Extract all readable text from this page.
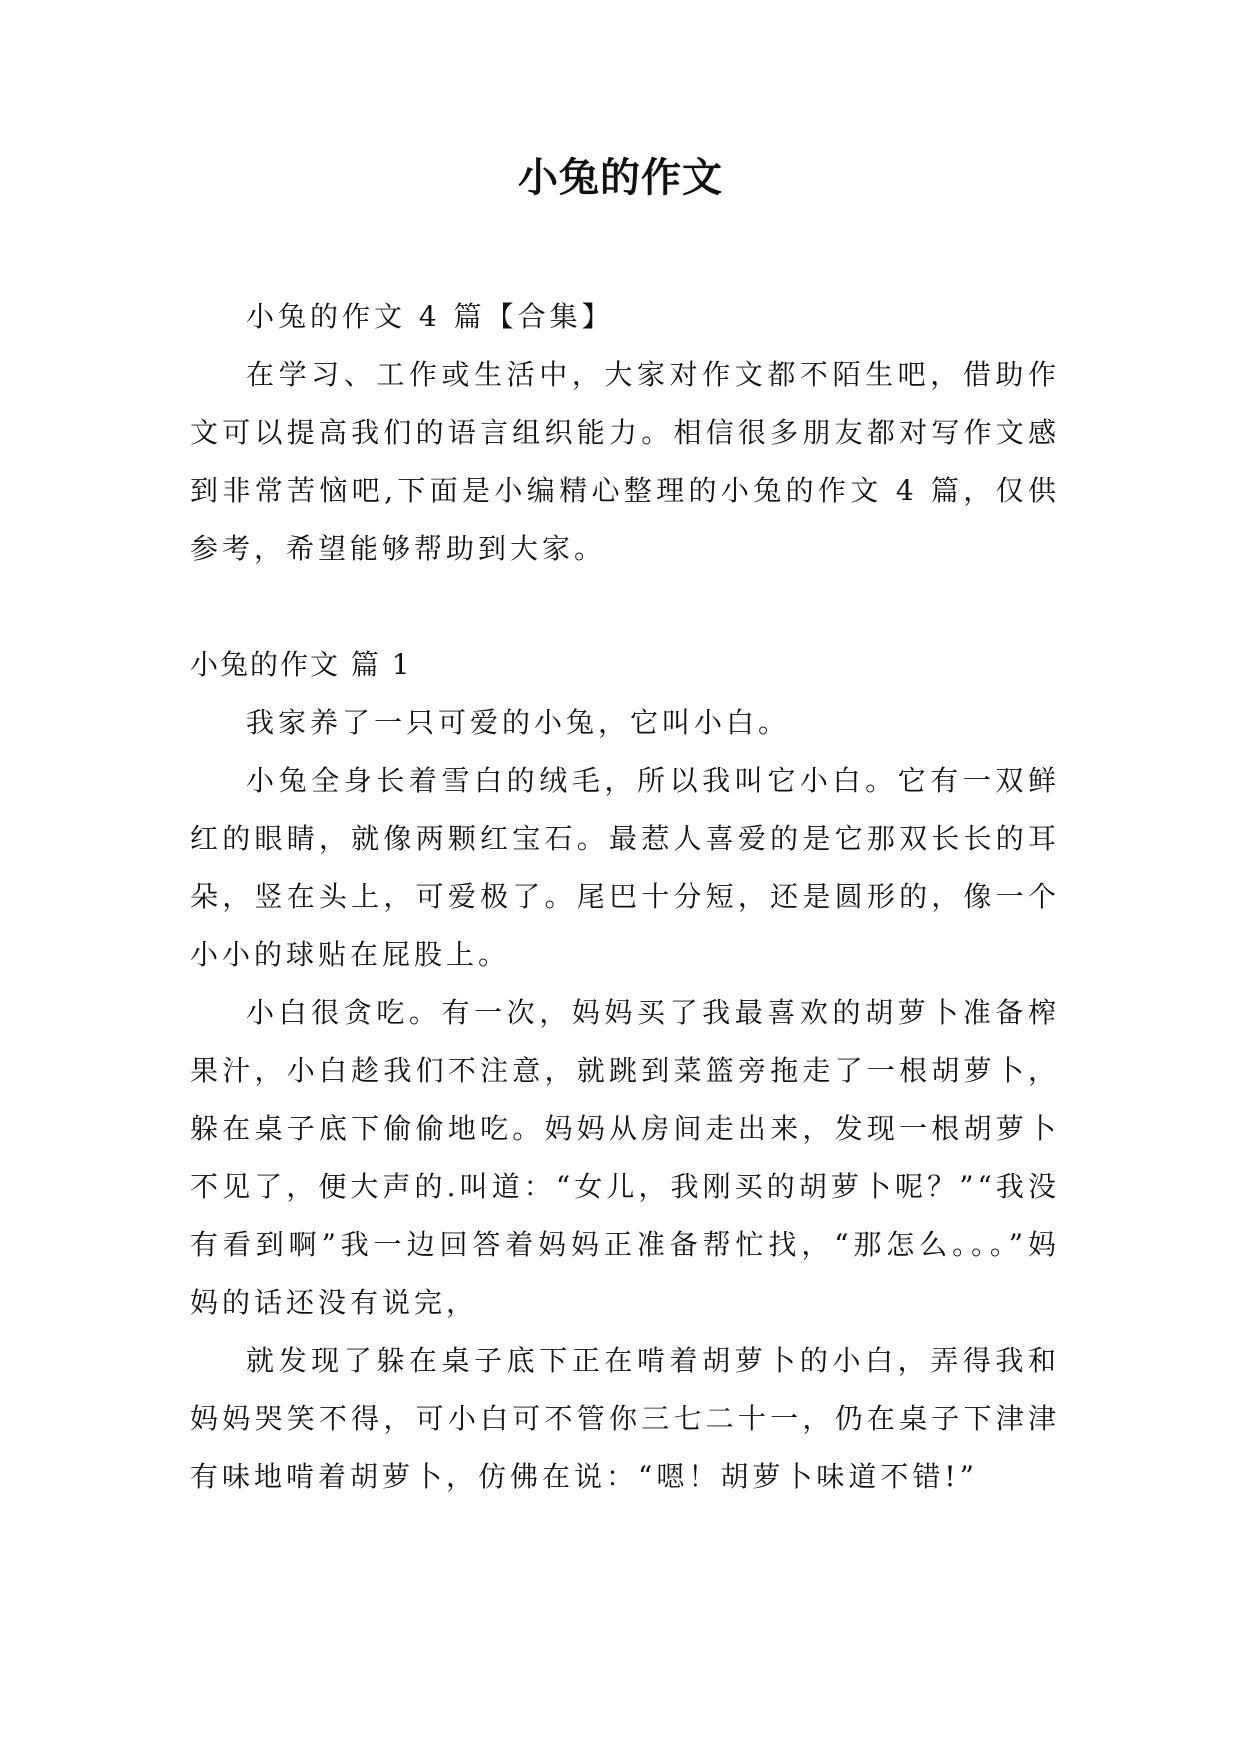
小兔的作文

小兔的作文 4 篇【合集】

在学习、工作或生活中，大家对作文都不陌生吧，借助作文可以提高我们的语言组织能力。相信很多朋友都对写作文感到非常苦恼吧,下面是小编精心整理的小兔的作文 4 篇，仅供参考，希望能够帮助到大家。

小兔的作文 篇 1

我家养了一只可爱的小兔，它叫小白。

小兔全身长着雪白的绒毛，所以我叫它小白。它有一双鲜红的眼睛，就像两颗红宝石。最惹人喜爱的是它那双长长的耳朵，竖在头上，可爱极了。尾巴十分短，还是圆形的，像一个小小的球贴在屁股上。

小白很贪吃。有一次，妈妈买了我最喜欢的胡萝卜准备榨果汁，小白趁我们不注意，就跳到菜篮旁拖走了一根胡萝卜，躲在桌子底下偷偷地吃。妈妈从房间走出来，发现一根胡萝卜不见了，便大声的.叫道：“女儿，我刚买的胡萝卜呢？”“我没有看到啊”我一边回答着妈妈正准备帮忙找，“那怎么。。。”妈妈的话还没有说完，

就发现了躲在桌子底下正在啃着胡萝卜的小白，弄得我和妈妈哭笑不得，可小白可不管你三七二十一，仍在桌子下津津有味地啃着胡萝卜，仿佛在说：“嗯！胡萝卜味道不错!”
